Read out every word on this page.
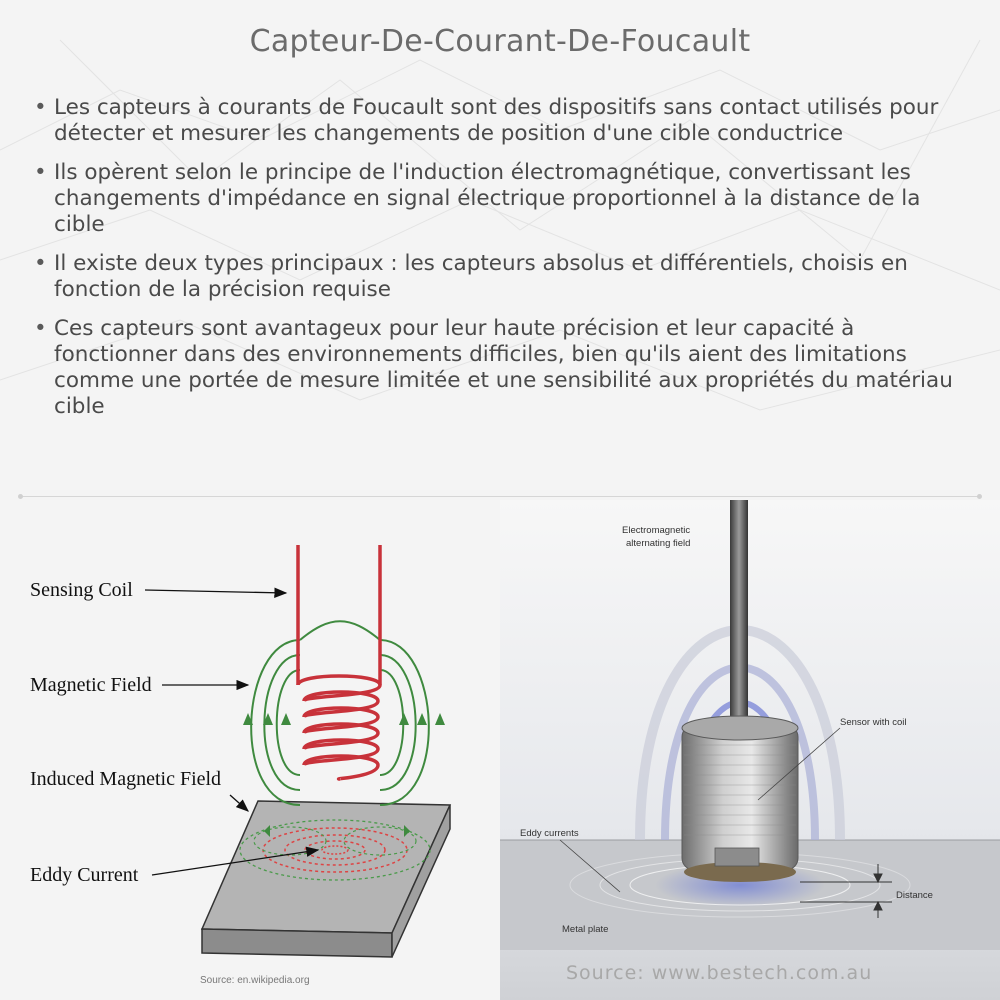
Capteur-De-Courant-De-Foucault
• Les capteurs à courants de Foucault sont des dispositifs sans contact utilisés pour détecter et mesurer les changements de position d'une cible conductrice
• Ils opèrent selon le principe de l'induction électromagnétique, convertissant les changements d'impédance en signal électrique proportionnel à la distance de la cible
• Il existe deux types principaux : les capteurs absolus et différentiels, choisis en fonction de la précision requise
• Ces capteurs sont avantageux pour leur haute précision et leur capacité à fonctionner dans des environnements difficiles, bien qu'ils aient des limitations comme une portée de mesure limitée et une sensibilité aux propriétés du matériau cible
Sensing Coil
Magnetic Field
Induced Magnetic Field
Eddy Current
Source: en.wikipedia.org
Electromagnetic
alternating field
Sensor with coil
Eddy currents
Distance
Metal plate
Source: www.bestech.com.au
